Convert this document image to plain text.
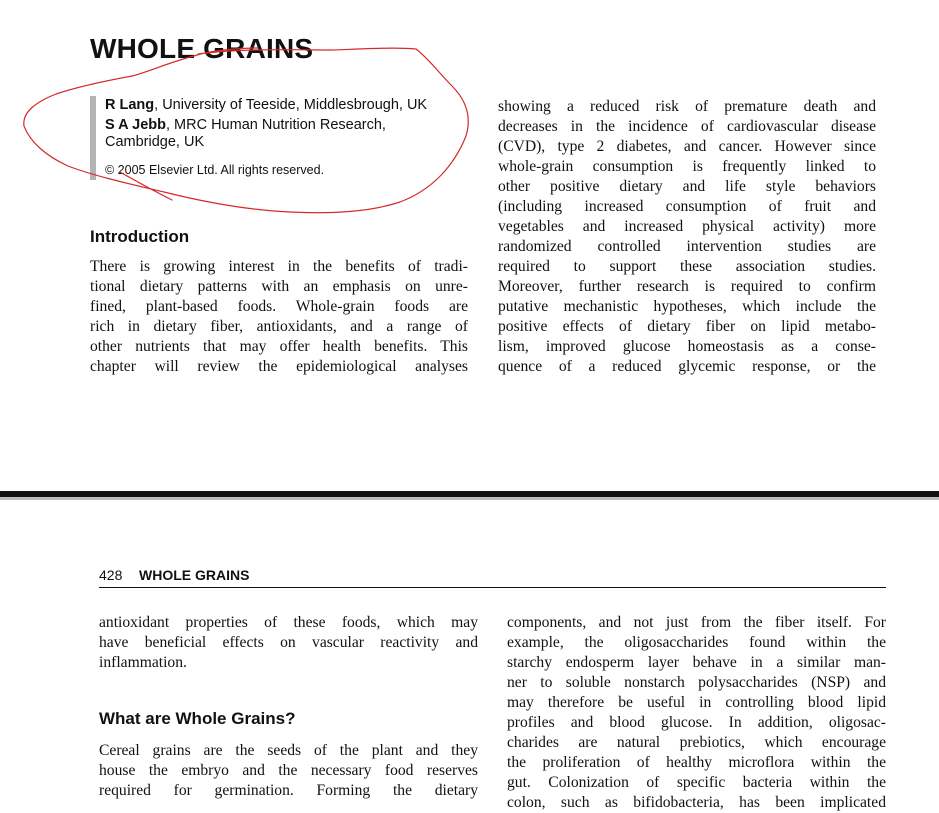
WHOLE GRAINS
R Lang, University of Teeside, Middlesbrough, UK
S A Jebb, MRC Human Nutrition Research,
Cambridge, UK
© 2005 Elsevier Ltd. All rights reserved.
Introduction
There is growing interest in the benefits of tradi-
tional dietary patterns with an emphasis on unre-
fined, plant-based foods. Whole-grain foods are
rich in dietary fiber, antioxidants, and a range of
other nutrients that may offer health benefits. This
chapter will review the epidemiological analyses
showing a reduced risk of premature death and
decreases in the incidence of cardiovascular disease
(CVD), type 2 diabetes, and cancer. However since
whole-grain consumption is frequently linked to
other positive dietary and life style behaviors
(including increased consumption of fruit and
vegetables and increased physical activity) more
randomized controlled intervention studies are
required to support these association studies.
Moreover, further research is required to confirm
putative mechanistic hypotheses, which include the
positive effects of dietary fiber on lipid metabo-
lism, improved glucose homeostasis as a conse-
quence of a reduced glycemic response, or the
428 WHOLE GRAINS
antioxidant properties of these foods, which may
have beneficial effects on vascular reactivity and
inflammation.
What are Whole Grains?
Cereal grains are the seeds of the plant and they
house the embryo and the necessary food reserves
required for germination. Forming the dietary
components, and not just from the fiber itself. For
example, the oligosaccharides found within the
starchy endosperm layer behave in a similar man-
ner to soluble nonstarch polysaccharides (NSP) and
may therefore be useful in controlling blood lipid
profiles and blood glucose. In addition, oligosac-
charides are natural prebiotics, which encourage
the proliferation of healthy microflora within the
gut. Colonization of specific bacteria within the
colon, such as bifidobacteria, has been implicated
